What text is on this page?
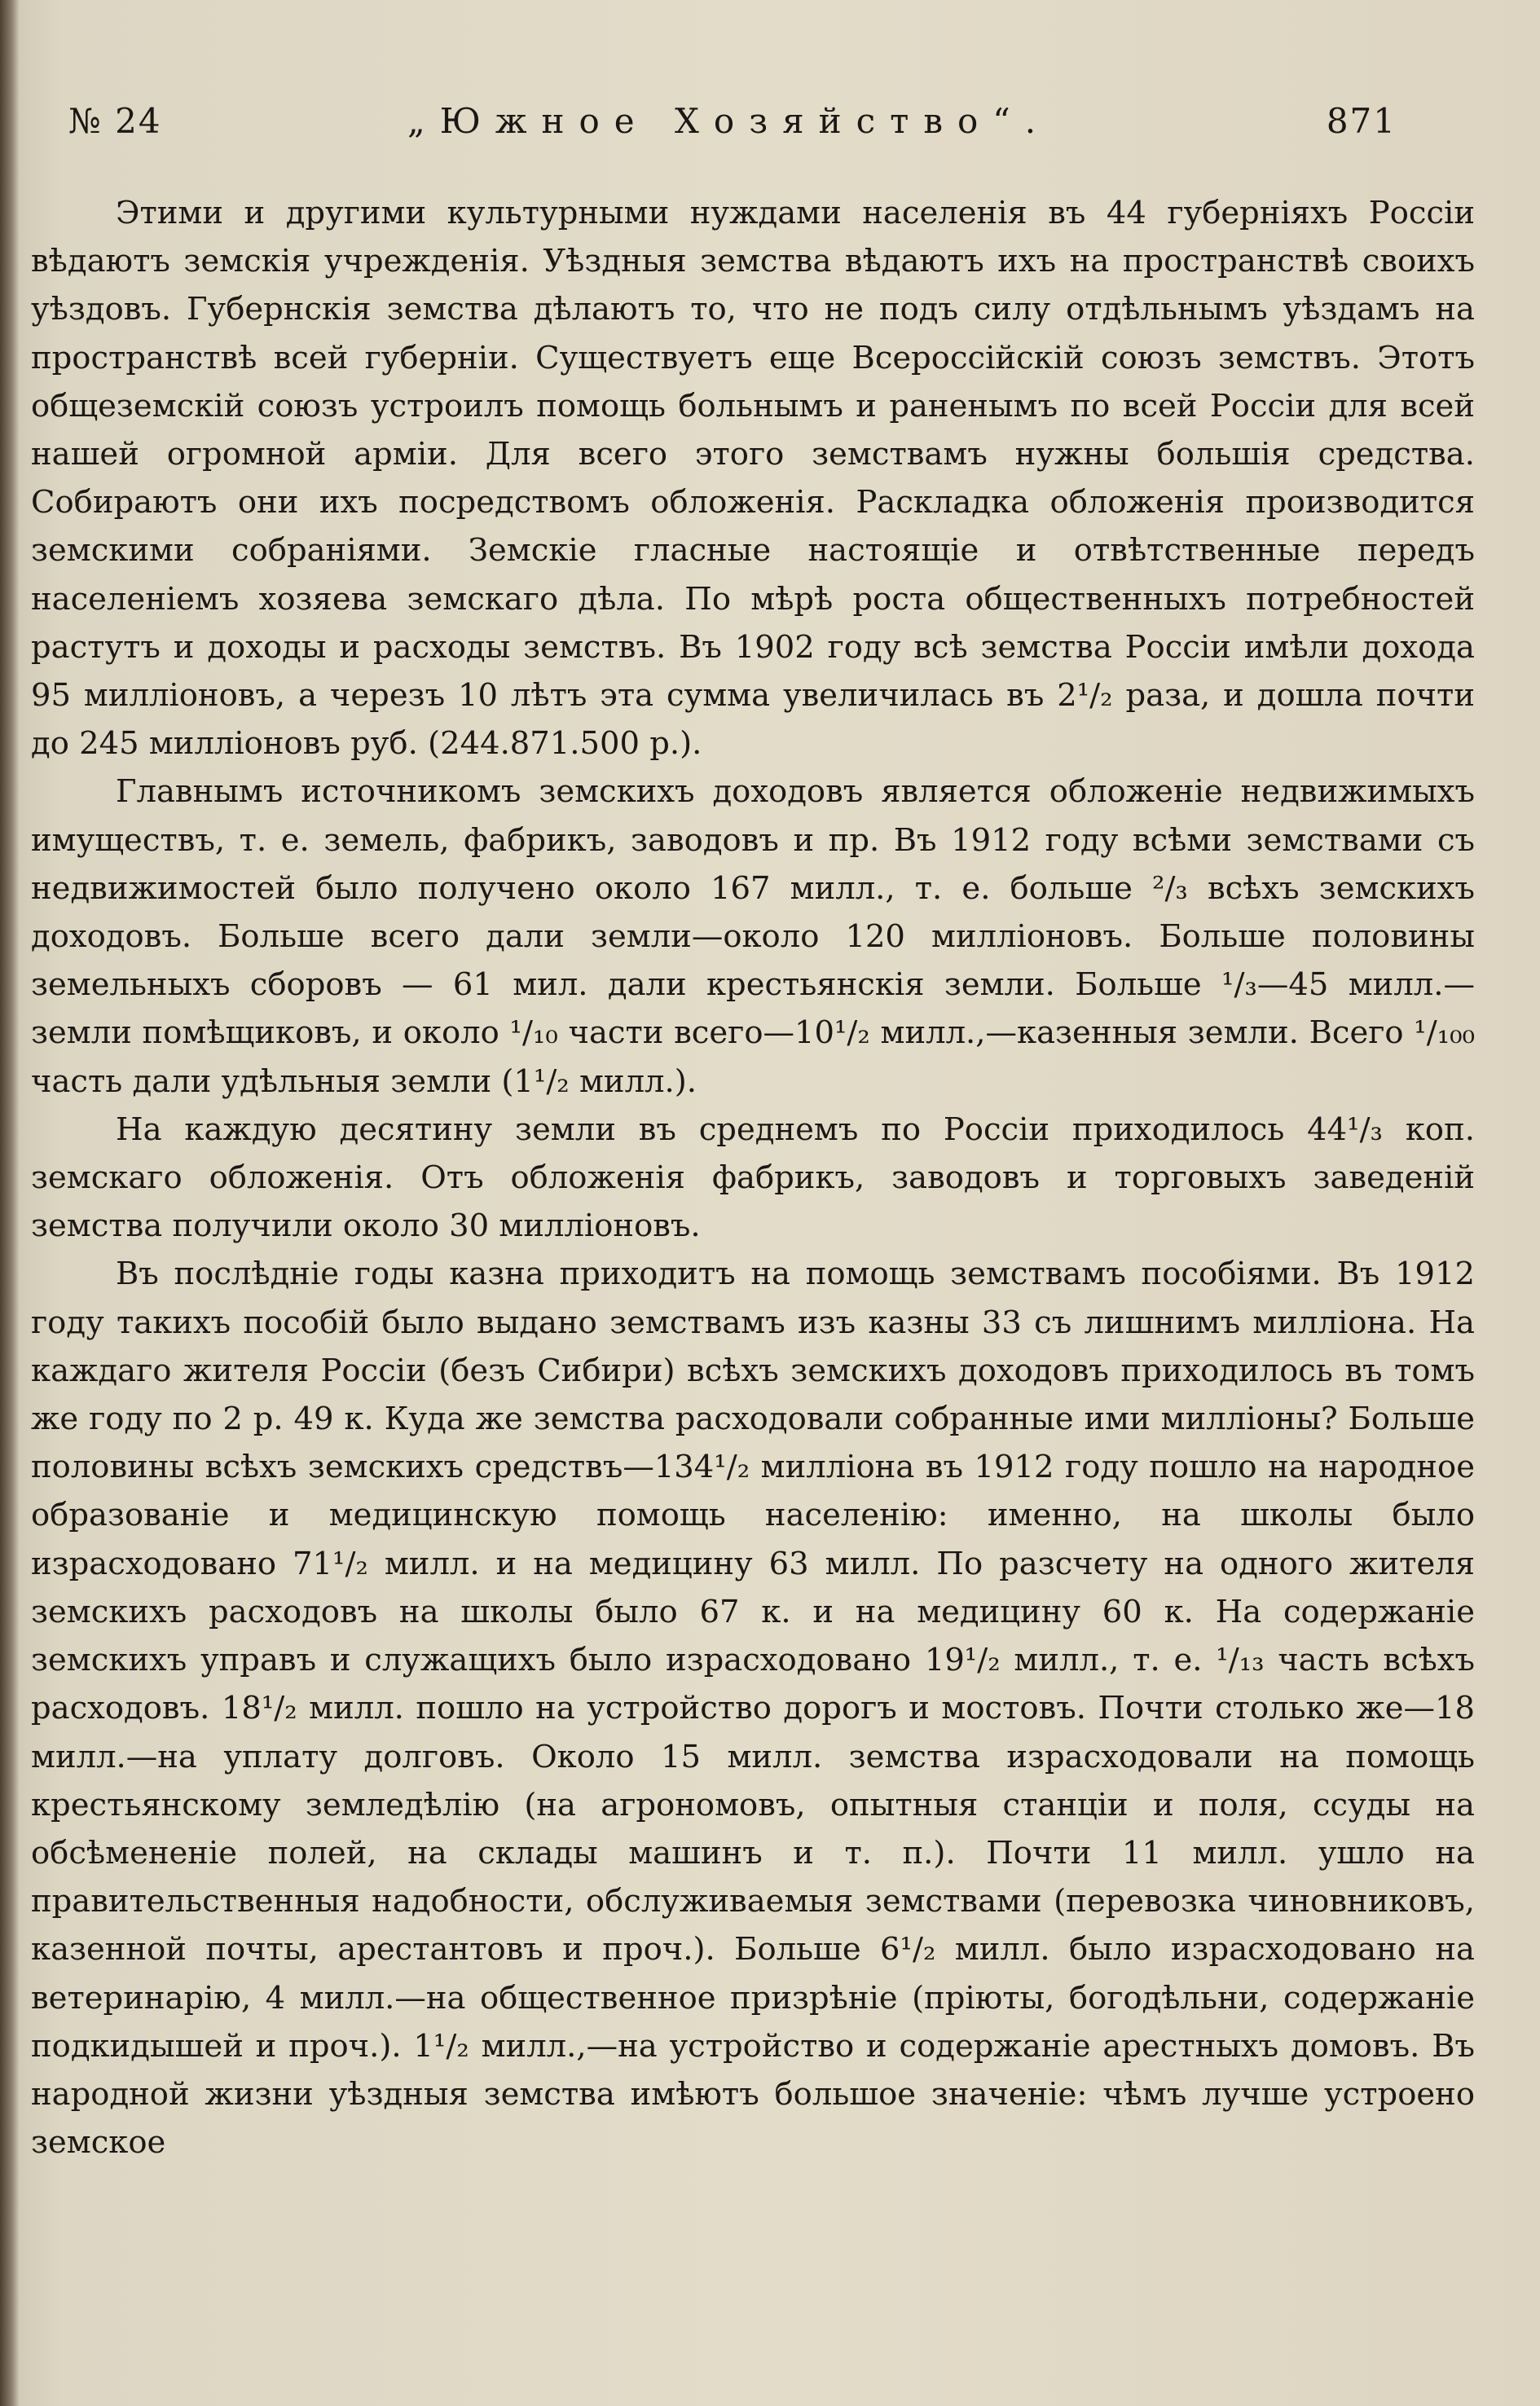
№ 24	„Южное Хозяйство“.	871

Этими и другими культурными нуждами населенія въ 44 губерніяхъ Россіи вѣдаютъ земскія учрежденія. Уѣздныя земства вѣдаютъ ихъ на пространствѣ своихъ уѣздовъ. Губернскія земства дѣлаютъ то, что не подъ силу отдѣльнымъ уѣздамъ на пространствѣ всей губерніи. Существуетъ еще Всероссійскій союзъ земствъ. Этотъ общеземскій союзъ устроилъ помощь больнымъ и раненымъ по всей Россіи для всей нашей огромной арміи. Для всего этого земствамъ нужны большія средства. Собираютъ они ихъ посредствомъ обложенія. Раскладка обложенія производится земскими собраніями. Земскіе гласные настоящіе и отвѣтственные передъ населеніемъ хозяева земскаго дѣла. По мѣрѣ роста общественныхъ потребностей растутъ и доходы и расходы земствъ. Въ 1902 году всѣ земства Россіи имѣли дохода 95 милліоновъ, а черезъ 10 лѣтъ эта сумма увеличилась въ 2¹/₂ раза, и дошла почти до 245 милліоновъ руб. (244.871.500 р.).

Главнымъ источникомъ земскихъ доходовъ является обложеніе недвижимыхъ имуществъ, т. е. земель, фабрикъ, заводовъ и пр. Въ 1912 году всѣми земствами съ недвижимостей было получено около 167 милл., т. е. больше ²/₃ всѣхъ земскихъ доходовъ. Больше всего дали земли—около 120 милліоновъ. Больше половины земельныхъ сборовъ — 61 мил. дали крестьянскія земли. Больше ¹/₃—45 милл.—земли помѣщиковъ, и около ¹/₁₀ части всего—10¹/₂ милл.,—казенныя земли. Всего ¹/₁₀₀ часть дали удѣльныя земли (1¹/₂ милл.).

На каждую десятину земли въ среднемъ по Россіи приходилось 44¹/₃ коп. земскаго обложенія. Отъ обложенія фабрикъ, заводовъ и торговыхъ заведеній земства получили около 30 милліоновъ.

Въ послѣдніе годы казна приходитъ на помощь земствамъ пособіями. Въ 1912 году такихъ пособій было выдано земствамъ изъ казны 33 съ лишнимъ милліона. На каждаго жителя Россіи (безъ Сибири) всѣхъ земскихъ доходовъ приходилось въ томъ же году по 2 р. 49 к. Куда же земства расходовали собранные ими милліоны? Больше половины всѣхъ земскихъ средствъ—134¹/₂ милліона въ 1912 году пошло на народное образованіе и медицинскую помощь населенію: именно, на школы было израсходовано 71¹/₂ милл. и на медицину 63 милл. По разсчету на одного жителя земскихъ расходовъ на школы было 67 к. и на медицину 60 к. На содержаніе земскихъ управъ и служащихъ было израсходовано 19¹/₂ милл., т. е. ¹/₁₃ часть всѣхъ расходовъ. 18¹/₂ милл. пошло на устройство дорогъ и мостовъ. Почти столько же—18 милл.—на уплату долговъ. Около 15 милл. земства израсходовали на помощь крестьянскому земледѣлію (на агрономовъ, опытныя станціи и поля, ссуды на обсѣмененіе полей, на склады машинъ и т. п.). Почти 11 милл. ушло на правительственныя надобности, обслуживаемыя земствами (перевозка чиновниковъ, казенной почты, арестантовъ и проч.). Больше 6¹/₂ милл. было израсходовано на ветеринарію, 4 милл.—на общественное призрѣніе (пріюты, богодѣльни, содержаніе подкидышей и проч.). 1¹/₂ милл.,—на устройство и содержаніе арестныхъ домовъ. Въ народной жизни уѣздныя земства имѣютъ большое значеніе: чѣмъ лучше устроено земское
